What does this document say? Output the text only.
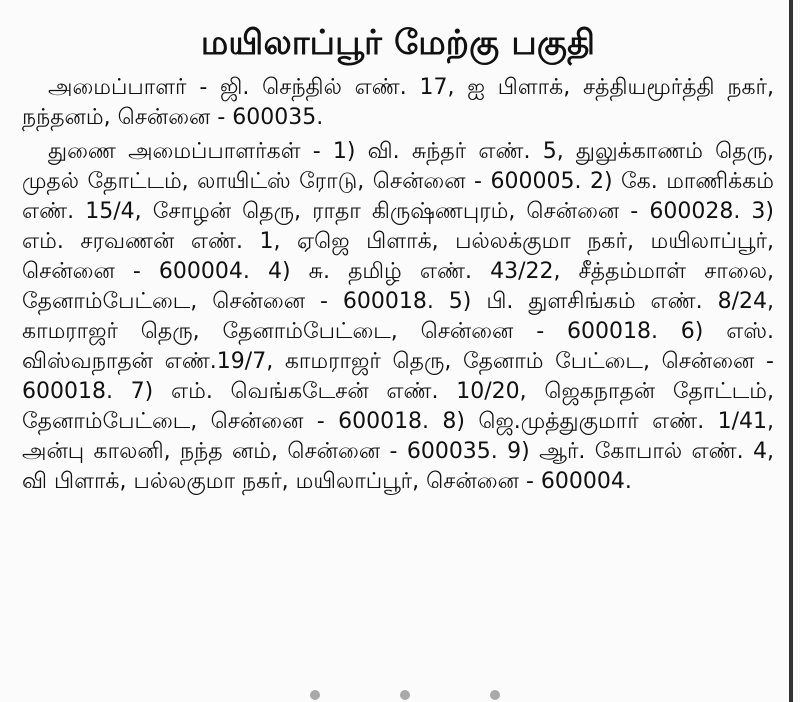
மயிலாப்பூர் மேற்கு பகுதி

அமைப்பாளர் - ஜி. செந்தில் எண். 17, ஐ பிளாக், சத்தியமூர்த்தி நகர், நந்தனம், சென்னை - 600035.

துணை அமைப்பாளர்கள் - 1) வி. சுந்தர் எண். 5, துலுக்காணம் தெரு, முதல் தோட்டம், லாயிட்ஸ் ரோடு, சென்னை - 600005. 2) கே. மாணிக்கம் எண். 15/4, சோழன் தெரு, ராதா கிருஷ்ணபுரம், சென்னை - 600028. 3) எம். சரவணன் எண். 1, ஏஜெ பிளாக், பல்லக்குமா நகர், மயிலாப்பூர், சென்னை - 600004. 4) சு. தமிழ் எண். 43/22, சீத்தம்மாள் சாலை, தேனாம்பேட்டை, சென்னை - 600018. 5) பி. துளசிங்கம் எண். 8/24, காமராஜர் தெரு, தேனாம்பேட்டை, சென்னை - 600018. 6) எஸ். விஸ்வநாதன் எண்.19/7, காமராஜர் தெரு, தேனாம் பேட்டை, சென்னை - 600018. 7) எம். வெங்கடேசன் எண். 10/20, ஜெகநாதன் தோட்டம், தேனாம்பேட்டை, சென்னை - 600018. 8) ஜெ.முத்துகுமார் எண். 1/41, அன்பு காலனி, நந்த னம், சென்னை - 600035. 9) ஆர். கோபால் எண். 4, வி பிளாக், பல்லகுமா நகர், மயிலாப்பூர், சென்னை - 600004.
